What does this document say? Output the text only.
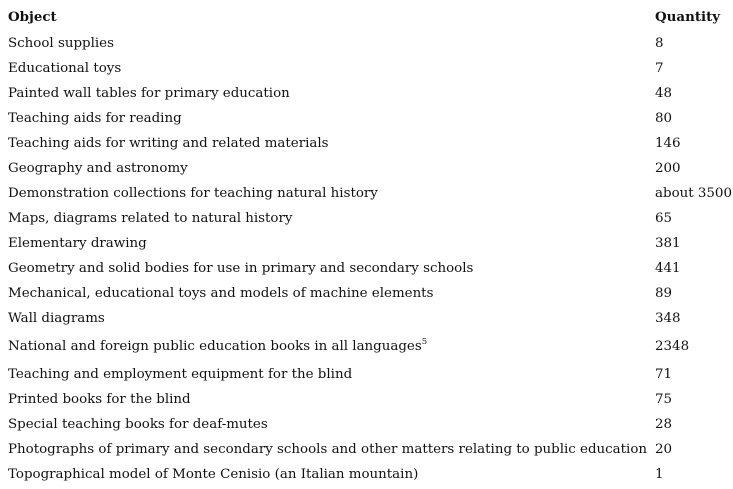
Object	Quantity
School supplies	8
Educational toys	7
Painted wall tables for primary education	48
Teaching aids for reading	80
Teaching aids for writing and related materials	146
Geography and astronomy	200
Demonstration collections for teaching natural history	about 3500
Maps, diagrams related to natural history	65
Elementary drawing	381
Geometry and solid bodies for use in primary and secondary schools	441
Mechanical, educational toys and models of machine elements	89
Wall diagrams	348
National and foreign public education books in all languages$^5$	2348
Teaching and employment equipment for the blind	71
Printed books for the blind	75
Special teaching books for deaf-mutes	28
Photographs of primary and secondary schools and other matters relating to public education	20
Topographical model of Monte Cenisio (an Italian mountain)	1
